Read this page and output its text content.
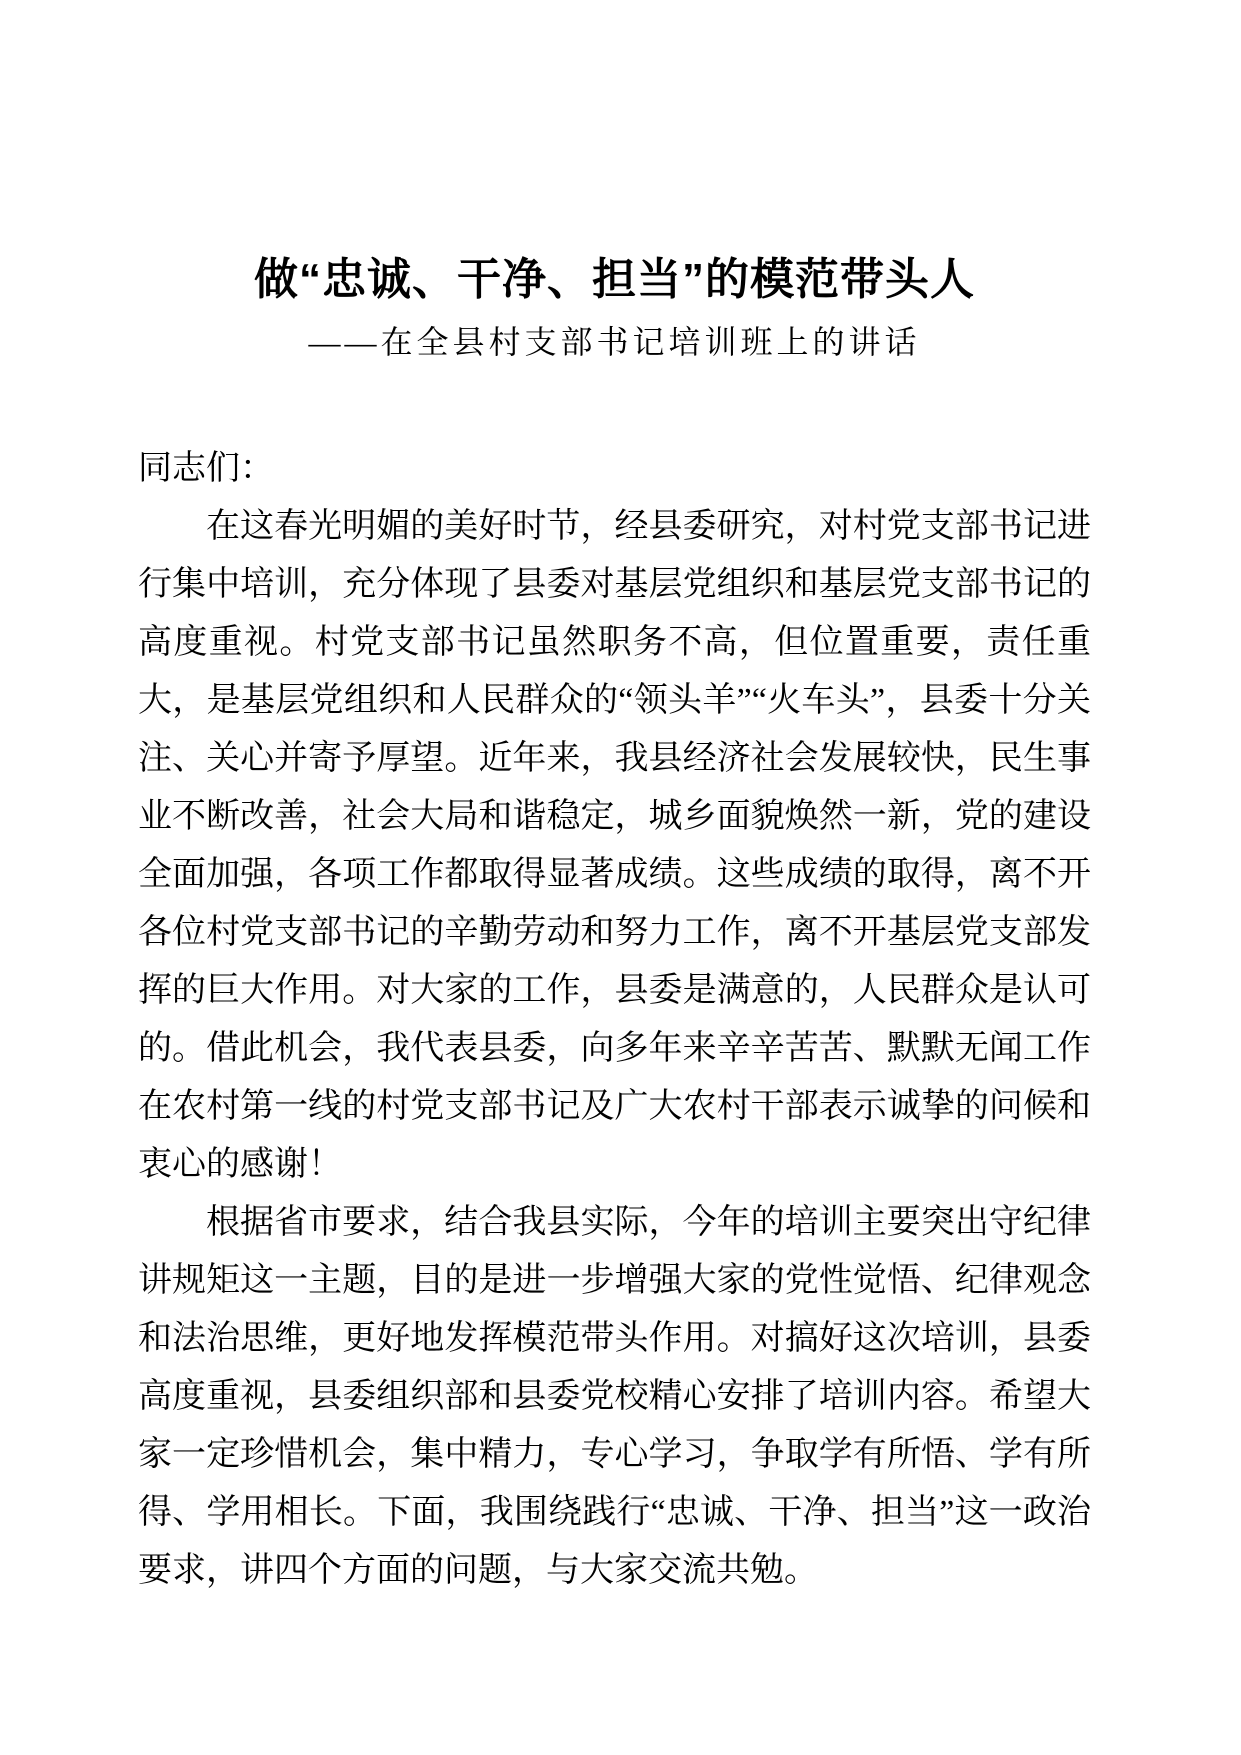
做“忠诚、干净、担当”的模范带头人

——在全县村支部书记培训班上的讲话

同志们：

在这春光明媚的美好时节，经县委研究，对村党支部书记进行集中培训，充分体现了县委对基层党组织和基层党支部书记的高度重视。村党支部书记虽然职务不高，但位置重要，责任重大，是基层党组织和人民群众的“领头羊”“火车头”，县委十分关注、关心并寄予厚望。近年来，我县经济社会发展较快，民生事业不断改善，社会大局和谐稳定，城乡面貌焕然一新，党的建设全面加强，各项工作都取得显著成绩。这些成绩的取得，离不开各位村党支部书记的辛勤劳动和努力工作，离不开基层党支部发挥的巨大作用。对大家的工作，县委是满意的，人民群众是认可的。借此机会，我代表县委，向多年来辛辛苦苦、默默无闻工作在农村第一线的村党支部书记及广大农村干部表示诚挚的问候和衷心的感谢！

根据省市要求，结合我县实际，今年的培训主要突出守纪律讲规矩这一主题，目的是进一步增强大家的党性觉悟、纪律观念和法治思维，更好地发挥模范带头作用。对搞好这次培训，县委高度重视，县委组织部和县委党校精心安排了培训内容。希望大家一定珍惜机会，集中精力，专心学习，争取学有所悟、学有所得、学用相长。下面，我围绕践行“忠诚、干净、担当”这一政治要求，讲四个方面的问题，与大家交流共勉。
